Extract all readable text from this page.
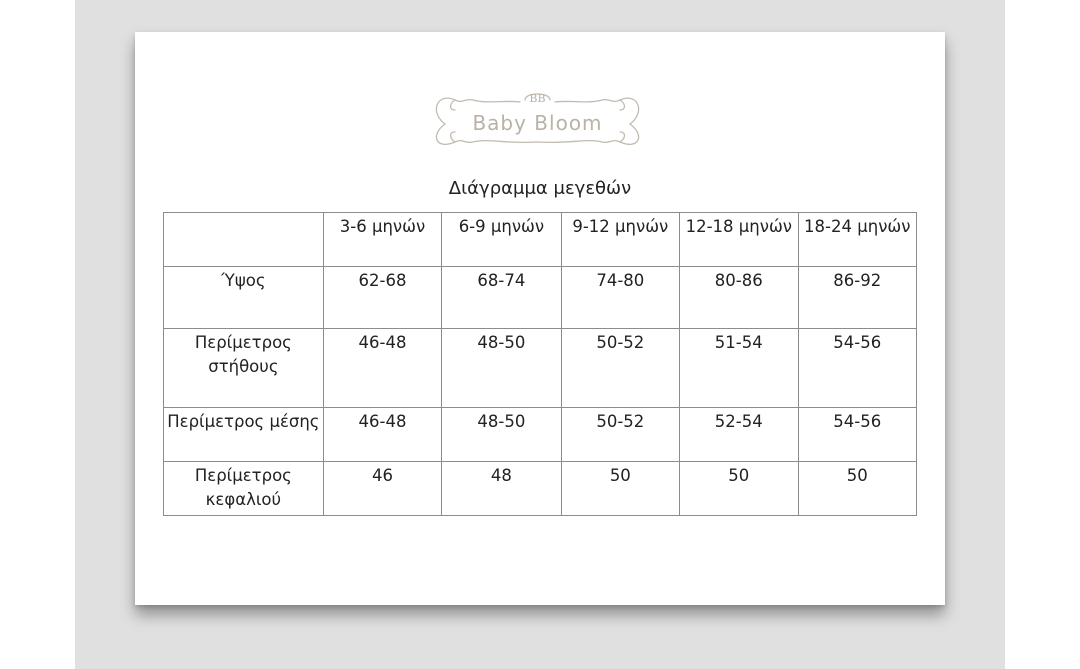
BB
Baby Bloom
Διάγραμμα μεγεθών
	3-6 μηνών	6-9 μηνών	9-12 μηνών	12-18 μηνών	18-24 μηνών
Ύψος	62-68	68-74	74-80	80-86	86-92
Περίμετρος στήθους	46-48	48-50	50-52	51-54	54-56
Περίμετρος μέσης	46-48	48-50	50-52	52-54	54-56
Περίμετρος κεφαλιού	46	48	50	50	50
